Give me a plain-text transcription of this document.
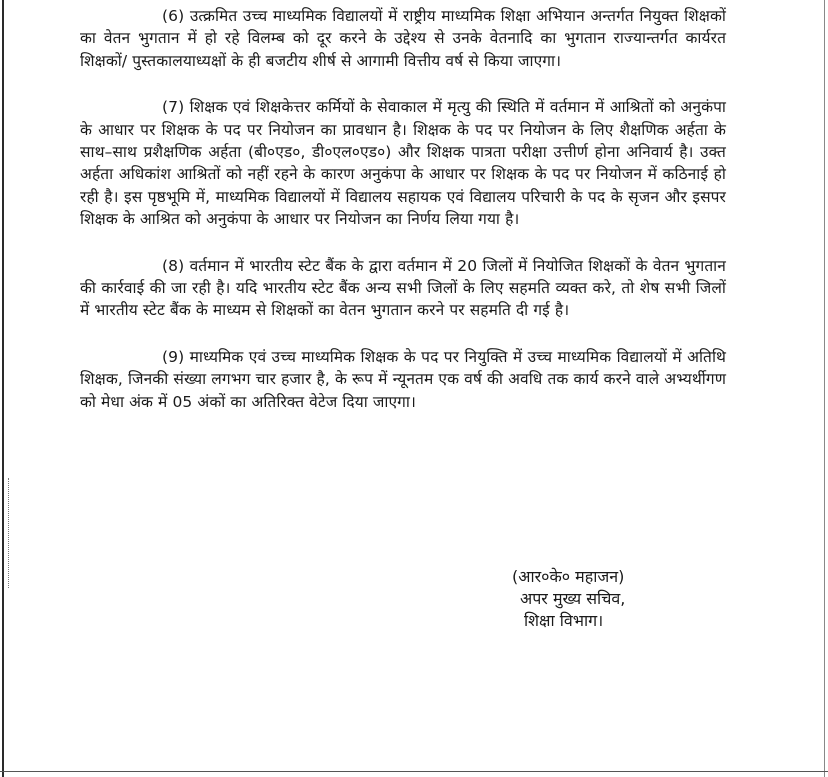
(6) उत्क्रमित उच्च माध्यमिक विद्यालयों में राष्ट्रीय माध्यमिक शिक्षा अभियान अन्तर्गत नियुक्त शिक्षकों का वेतन भुगतान में हो रहे विलम्ब को दूर करने के उद्देश्य से उनके वेतनादि का भुगतान राज्यान्तर्गत कार्यरत शिक्षकों/ पुस्तकालयाध्यक्षों के ही बजटीय शीर्ष से आगामी वित्तीय वर्ष से किया जाएगा।

(7) शिक्षक एवं शिक्षकेत्तर कर्मियों के सेवाकाल में मृत्यु की स्थिति में वर्तमान में आश्रितों को अनुकंपा के आधार पर शिक्षक के पद पर नियोजन का प्रावधान है। शिक्षक के पद पर नियोजन के लिए शैक्षणिक अर्हता के साथ–साथ प्रशैक्षणिक अर्हता (बी०एड०, डी०एल०एड०) और शिक्षक पात्रता परीक्षा उत्तीर्ण होना अनिवार्य है। उक्त अर्हता अधिकांश आश्रितों को नहीं रहने के कारण अनुकंपा के आधार पर शिक्षक के पद पर नियोजन में कठिनाई हो रही है। इस पृष्ठभूमि में, माध्यमिक विद्यालयों में विद्यालय सहायक एवं विद्यालय परिचारी के पद के सृजन और इसपर शिक्षक के आश्रित को अनुकंपा के आधार पर नियोजन का निर्णय लिया गया है।

(8) वर्तमान में भारतीय स्टेट बैंक के द्वारा वर्तमान में 20 जिलों में नियोजित शिक्षकों के वेतन भुगतान की कार्रवाई की जा रही है। यदि भारतीय स्टेट बैंक अन्य सभी जिलों के लिए सहमति व्यक्त करे, तो शेष सभी जिलों में भारतीय स्टेट बैंक के माध्यम से शिक्षकों का वेतन भुगतान करने पर सहमति दी गई है।

(9) माध्यमिक एवं उच्च माध्यमिक शिक्षक के पद पर नियुक्ति में उच्च माध्यमिक विद्यालयों में अतिथि शिक्षक, जिनकी संख्या लगभग चार हजार है, के रूप में न्यूनतम एक वर्ष की अवधि तक कार्य करने वाले अभ्यर्थीगण को मेधा अंक में 05 अंकों का अतिरिक्त वेटेज दिया जाएगा।

(आर०के० महाजन)
अपर मुख्य सचिव,
शिक्षा विभाग।
